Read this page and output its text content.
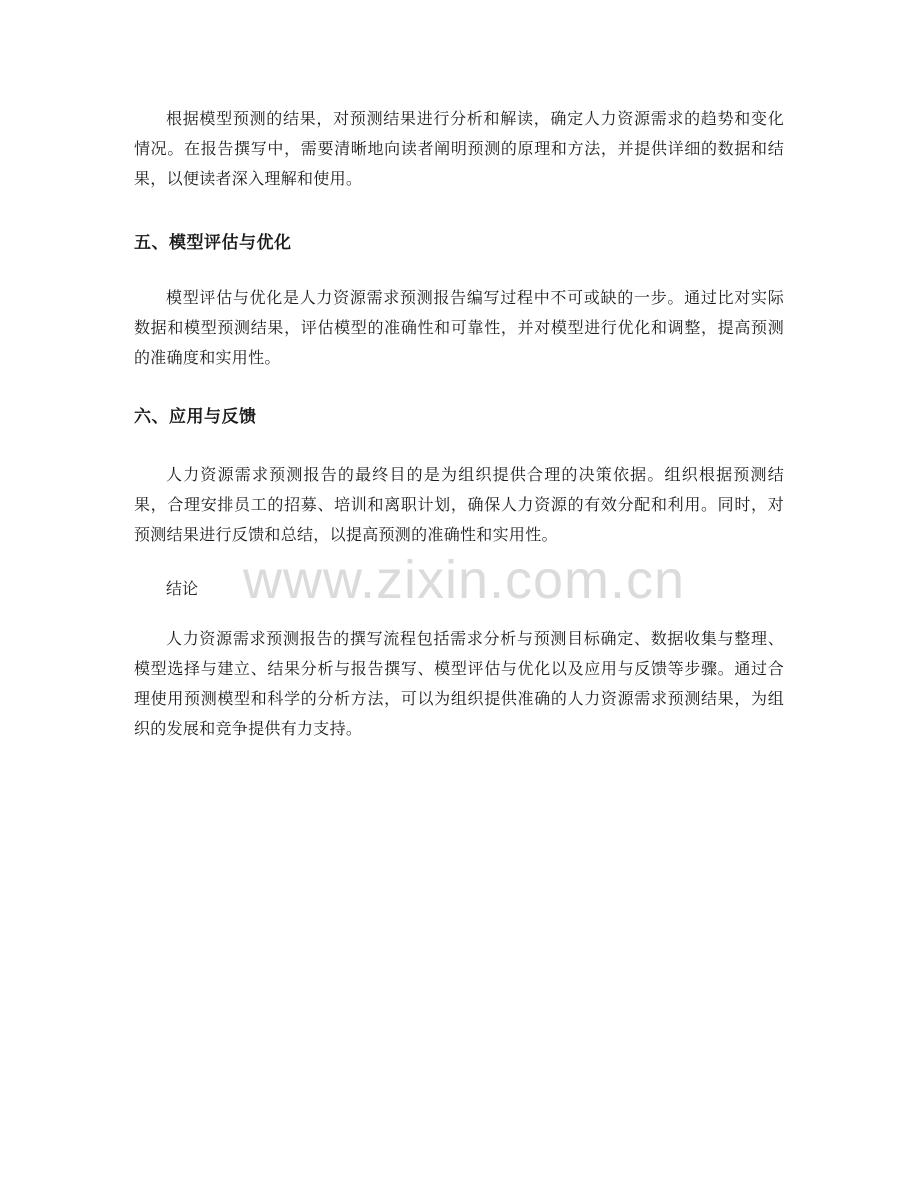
根据模型预测的结果，对预测结果进行分析和解读，确定人力资源需求的趋势和变化情况。在报告撰写中，需要清晰地向读者阐明预测的原理和方法，并提供详细的数据和结果，以便读者深入理解和使用。

五、模型评估与优化

模型评估与优化是人力资源需求预测报告编写过程中不可或缺的一步。通过比对实际数据和模型预测结果，评估模型的准确性和可靠性，并对模型进行优化和调整，提高预测的准确度和实用性。

六、应用与反馈

人力资源需求预测报告的最终目的是为组织提供合理的决策依据。组织根据预测结果，合理安排员工的招募、培训和离职计划，确保人力资源的有效分配和利用。同时，对预测结果进行反馈和总结，以提高预测的准确性和实用性。

结论

人力资源需求预测报告的撰写流程包括需求分析与预测目标确定、数据收集与整理、模型选择与建立、结果分析与报告撰写、模型评估与优化以及应用与反馈等步骤。通过合理使用预测模型和科学的分析方法，可以为组织提供准确的人力资源需求预测结果，为组织的发展和竞争提供有力支持。

www.zixin.com.cn
